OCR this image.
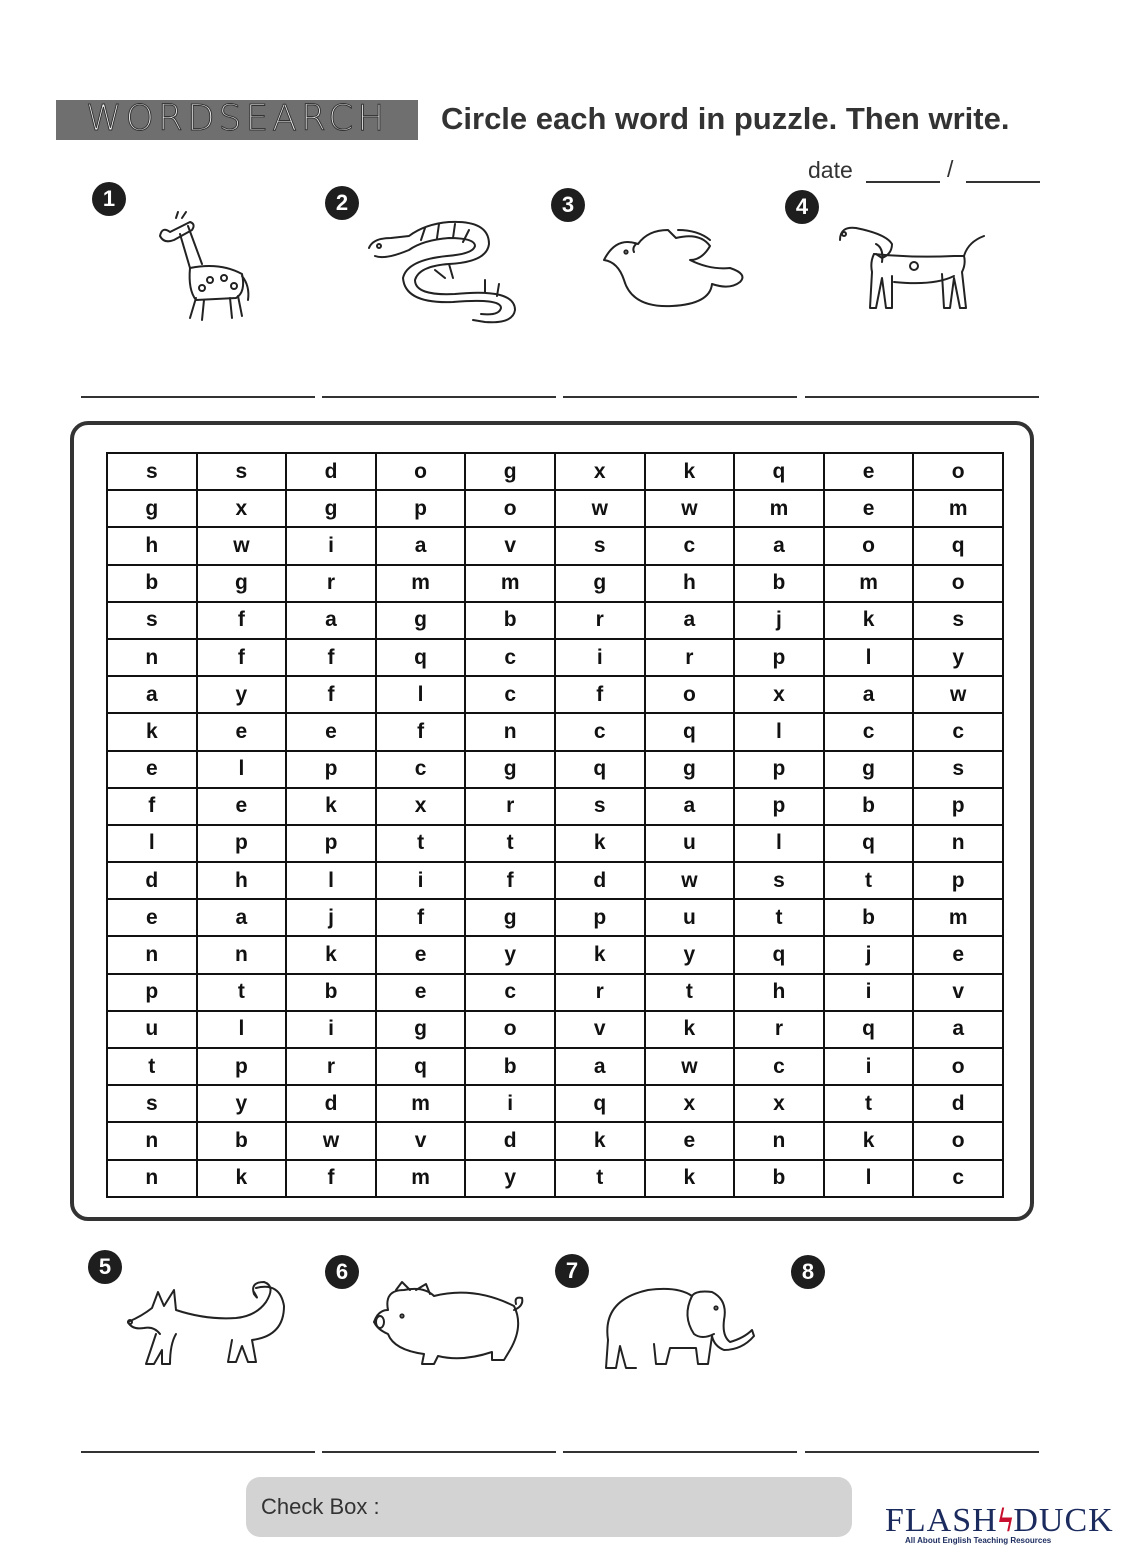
WORDSEARCH Circle each word in puzzle. Then write.
date	/
1	2	3	4
s	s	d	o	g	x	k	q	e	o
g	x	g	p	o	w	w	m	e	m
h	w	i	a	v	s	c	a	o	q
b	g	r	m	m	g	h	b	m	o
s	f	a	g	b	r	a	j	k	s
n	f	f	q	c	i	r	p	l	y
a	y	f	l	c	f	o	x	a	w
k	e	e	f	n	c	q	l	c	c
e	l	p	c	g	q	g	p	g	s
f	e	k	x	r	s	a	p	b	p
l	p	p	t	t	k	u	l	q	n
d	h	l	i	f	d	w	s	t	p
e	a	j	f	g	p	u	t	b	m
n	n	k	e	y	k	y	q	j	e
p	t	b	e	c	r	t	h	i	v
u	l	i	g	o	v	k	r	q	a
t	p	r	q	b	a	w	c	i	o
s	y	d	m	i	q	x	x	t	d
n	b	w	v	d	k	e	n	k	o
n	k	f	m	y	t	k	b	l	c
5	6	7	8
Check Box :	FLASHϟDUCK
All About English Teaching Resources
